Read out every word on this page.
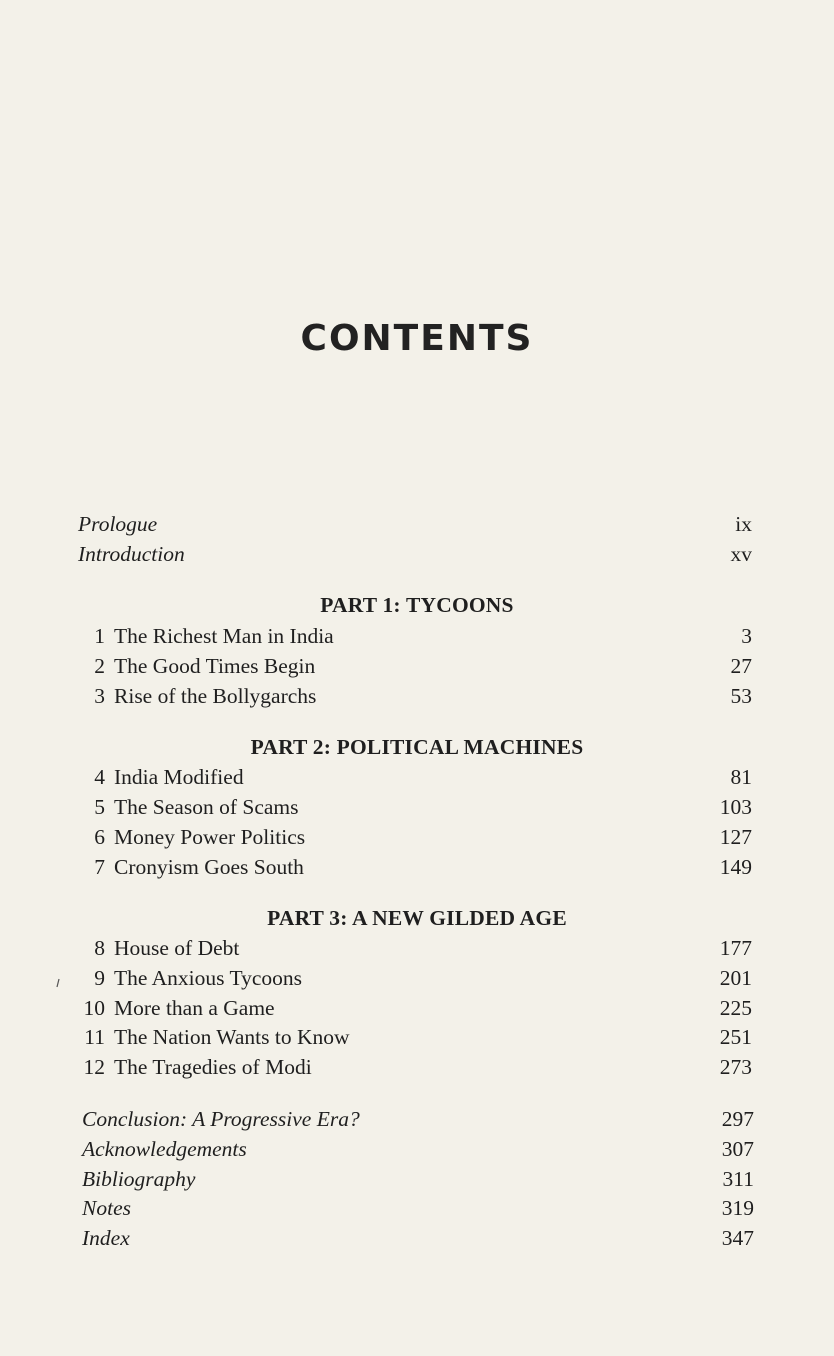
CONTENTS
Prologue	ix
Introduction	xv
PART 1: TYCOONS
1 The Richest Man in India	3
2 The Good Times Begin	27
3 Rise of the Bollygarchs	53
PART 2: POLITICAL MACHINES
4 India Modified	81
5 The Season of Scams	103
6 Money Power Politics	127
7 Cronyism Goes South	149
PART 3: A NEW GILDED AGE
8 House of Debt	177
9 The Anxious Tycoons	201
10 More than a Game	225
11 The Nation Wants to Know	251
12 The Tragedies of Modi	273
Conclusion: A Progressive Era?	297
Acknowledgements	307
Bibliography	311
Notes	319
Index	347
